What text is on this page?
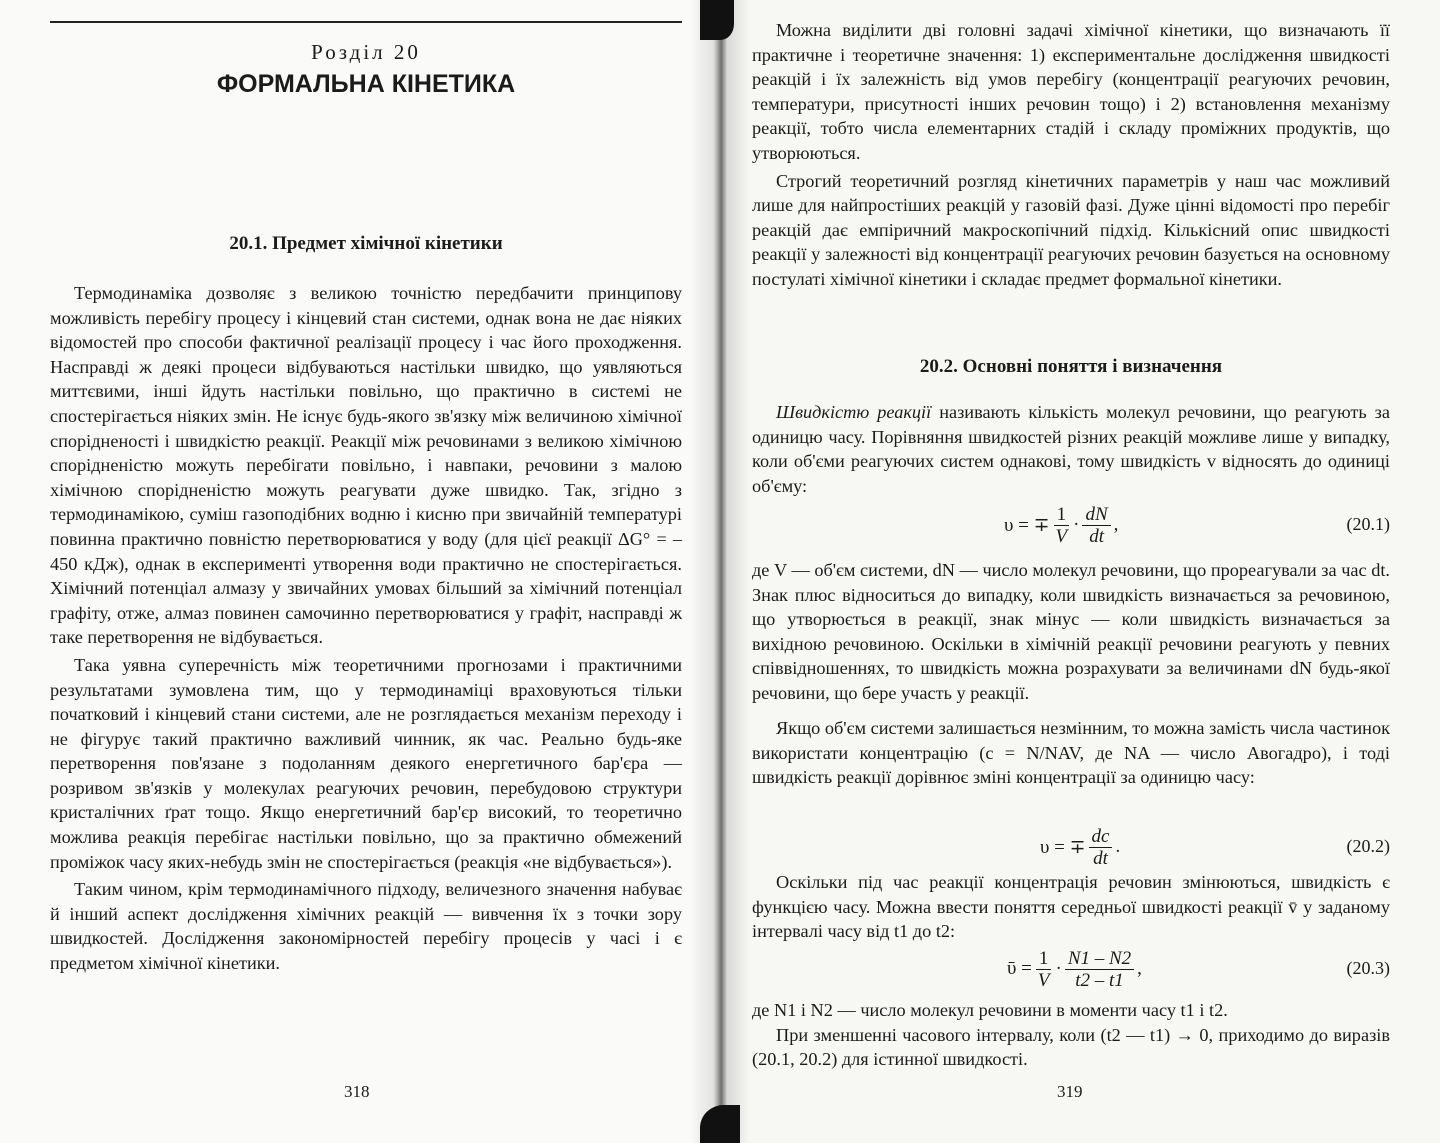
Розділ 20
ФОРМАЛЬНА КІНЕТИКА
20.1. Предмет хімічної кінетики

Термодинаміка дозволяє з великою точністю передбачити принципову можливість перебігу процесу і кінцевий стан системи, однак вона не дає ніяких відомостей про способи фактичної реалізації процесу і час його проходження. Насправді ж деякі процеси відбуваються настільки швидко, що уявляються миттєвими, інші йдуть настільки повільно, що практично в системі не спостерігається ніяких змін. Не існує будь-якого зв'язку між величиною хімічної спорідненості і швидкістю реакції. Реакції між речовинами з великою хімічною спорідненістю можуть перебігати повільно, і навпаки, речовини з малою хімічною спорідненістю можуть реагувати дуже швидко. Так, згідно з термодинамікою, суміш газоподібних водню і кисню при звичайній температурі повинна практично повністю перетворюватися у воду (для цієї реакції ΔG° = – 450 кДж), однак в експерименті утворення води практично не спостерігається. Хімічний потенціал алмазу у звичайних умовах більший за хімічний потенціал графіту, отже, алмаз повинен самочинно перетворюватися у графіт, насправді ж таке перетворення не відбувається.

Така уявна суперечність між теоретичними прогнозами і практичними результатами зумовлена тим, що у термодинаміці враховуються тільки початковий і кінцевий стани системи, але не розглядається механізм переходу і не фігурує такий практично важливий чинник, як час. Реально будь-яке перетворення пов'язане з подоланням деякого енергетичного бар'єра — розривом зв'язків у молекулах реагуючих речовин, перебудовою структури кристалічних ґрат тощо. Якщо енергетичний бар'єр високий, то теоретично можлива реакція перебігає настільки повільно, що за практично обмежений проміжок часу яких-небудь змін не спостерігається (реакція «не відбувається»).

Таким чином, крім термодинамічного підходу, величезного значення набуває й інший аспект дослідження хімічних реакцій — вивчення їх з точки зору швидкостей. Дослідження закономірностей перебігу процесів у часі і є предметом хімічної кінетики.

318

Можна виділити дві головні задачі хімічної кінетики, що визначають її практичне і теоретичне значення: 1) експериментальне дослідження швидкості реакцій і їх залежність від умов перебігу (концентрації реагуючих речовин, температури, присутності інших речовин тощо) і 2) встановлення механізму реакції, тобто числа елементарних стадій і складу проміжних продуктів, що утворюються.

Строгий теоретичний розгляд кінетичних параметрів у наш час можливий лише для найпростіших реакцій у газовій фазі. Дуже цінні відомості про перебіг реакцій дає емпіричний макроскопічний підхід. Кількісний опис швидкості реакції у залежності від концентрації реагуючих речовин базується на основному постулаті хімічної кінетики і складає предмет формальної кінетики.

20.2. Основні поняття і визначення

Швидкістю реакції називають кількість молекул речовини, що реагують за одиницю часу. Порівняння швидкостей різних реакцій можливе лише у випадку, коли об'єми реагуючих систем однакові, тому швидкість v відносять до одиниці об'єму:

υ = ∓ $\frac{1}{V} \cdot \frac{dN}{dt}$ ,	(20.1)

де V — об'єм системи, dN — число молекул речовини, що прореагували за час dt. Знак плюс відноситься до випадку, коли швидкість визначається за речовиною, що утворюється в реакції, знак мінус — коли швидкість визначається за вихідною речовиною. Оскільки в хімічній реакції речовини реагують у певних співвідношеннях, то швидкість можна розрахувати за величинами dN будь-якої речовини, що бере участь у реакції.

Якщо об'єм системи залишається незмінним, то можна замість числа частинок використати концентрацію (c = N/NAV, де NA — число Авогадро), і тоді швидкість реакції дорівнює зміні концентрації за одиницю часу:

υ = ∓ $\frac{dc}{dt}$ .	(20.2)

Оскільки під час реакції концентрація речовин змінюються, швидкість є функцією часу. Можна ввести поняття середньої швидкості реакції v̄ у заданому інтервалі часу від t1 до t2:

ῡ = $\frac{1}{V} \cdot \frac{N1 - N2}{t2 - t1}$ ,	(20.3)

де N1 і N2 — число молекул речовини в моменти часу t1 і t2.

При зменшенні часового інтервалу, коли (t2 — t1) → 0, приходимо до виразів (20.1, 20.2) для істинної швидкості.

319
